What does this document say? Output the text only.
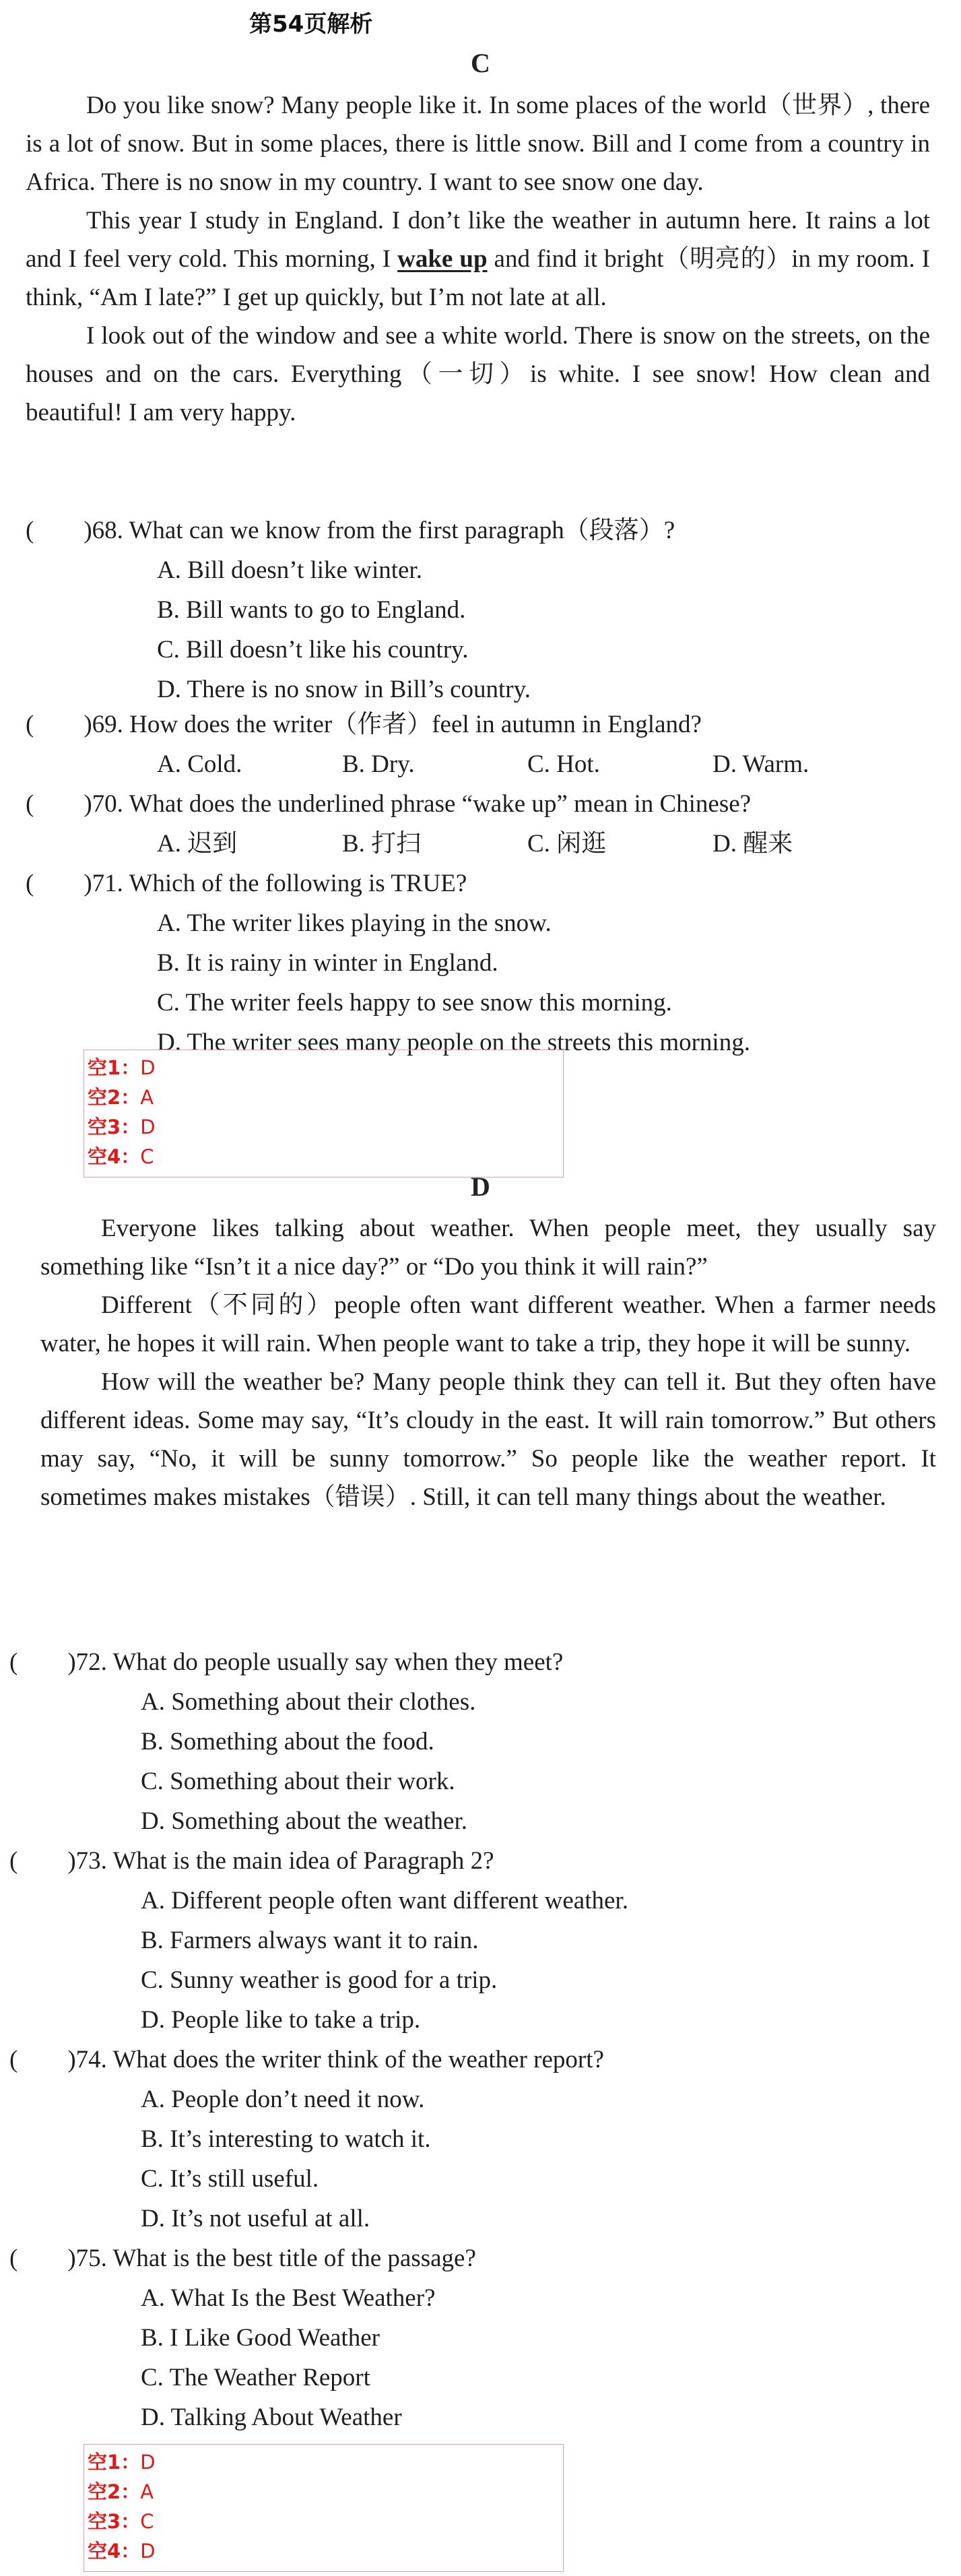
第54页解析
C

Do you like snow? Many people like it. In some places of the world（世界）, there is a lot of snow. But in some places, there is little snow. Bill and I come from a country in Africa. There is no snow in my country. I want to see snow one day.

This year I study in England. I don’t like the weather in autumn here. It rains a lot and I feel very cold. This morning, I wake up and find it bright（明亮的）in my room. I think, “Am I late?” I get up quickly, but I’m not late at all.

I look out of the window and see a white world. There is snow on the streets, on the houses and on the cars. Everything（一切）is white. I see snow! How clean and beautiful! I am very happy.

(　　)68. What can we know from the first paragraph（段落）?
A. Bill doesn’t like winter.
B. Bill wants to go to England.
C. Bill doesn’t like his country.
D. There is no snow in Bill’s country.
(　　)69. How does the writer（作者）feel in autumn in England?
A. Cold.	B. Dry.	C. Hot.	D. Warm.
(　　)70. What does the underlined phrase “wake up” mean in Chinese?
A. 迟到	B. 打扫	C. 闲逛	D. 醒来
(　　)71. Which of the following is TRUE?
A. The writer likes playing in the snow.
B. It is rainy in winter in England.
C. The writer feels happy to see snow this morning.
D. The writer sees many people on the streets this morning.
空1：D
空2：A
空3：D
空4：C
D

Everyone likes talking about weather. When people meet, they usually say something like “Isn’t it a nice day?” or “Do you think it will rain?”

Different（不同的）people often want different weather. When a farmer needs water, he hopes it will rain. When people want to take a trip, they hope it will be sunny.

How will the weather be? Many people think they can tell it. But they often have different ideas. Some may say, “It’s cloudy in the east. It will rain tomorrow.” But others may say, “No, it will be sunny tomorrow.” So people like the weather report. It sometimes makes mistakes（错误）. Still, it can tell many things about the weather.

(　　)72. What do people usually say when they meet?
A. Something about their clothes.
B. Something about the food.
C. Something about their work.
D. Something about the weather.
(　　)73. What is the main idea of Paragraph 2?
A. Different people often want different weather.
B. Farmers always want it to rain.
C. Sunny weather is good for a trip.
D. People like to take a trip.
(　　)74. What does the writer think of the weather report?
A. People don’t need it now.
B. It’s interesting to watch it.
C. It’s still useful.
D. It’s not useful at all.
(　　)75. What is the best title of the passage?
A. What Is the Best Weather?
B. I Like Good Weather
C. The Weather Report
D. Talking About Weather
空1：D
空2：A
空3：C
空4：D
